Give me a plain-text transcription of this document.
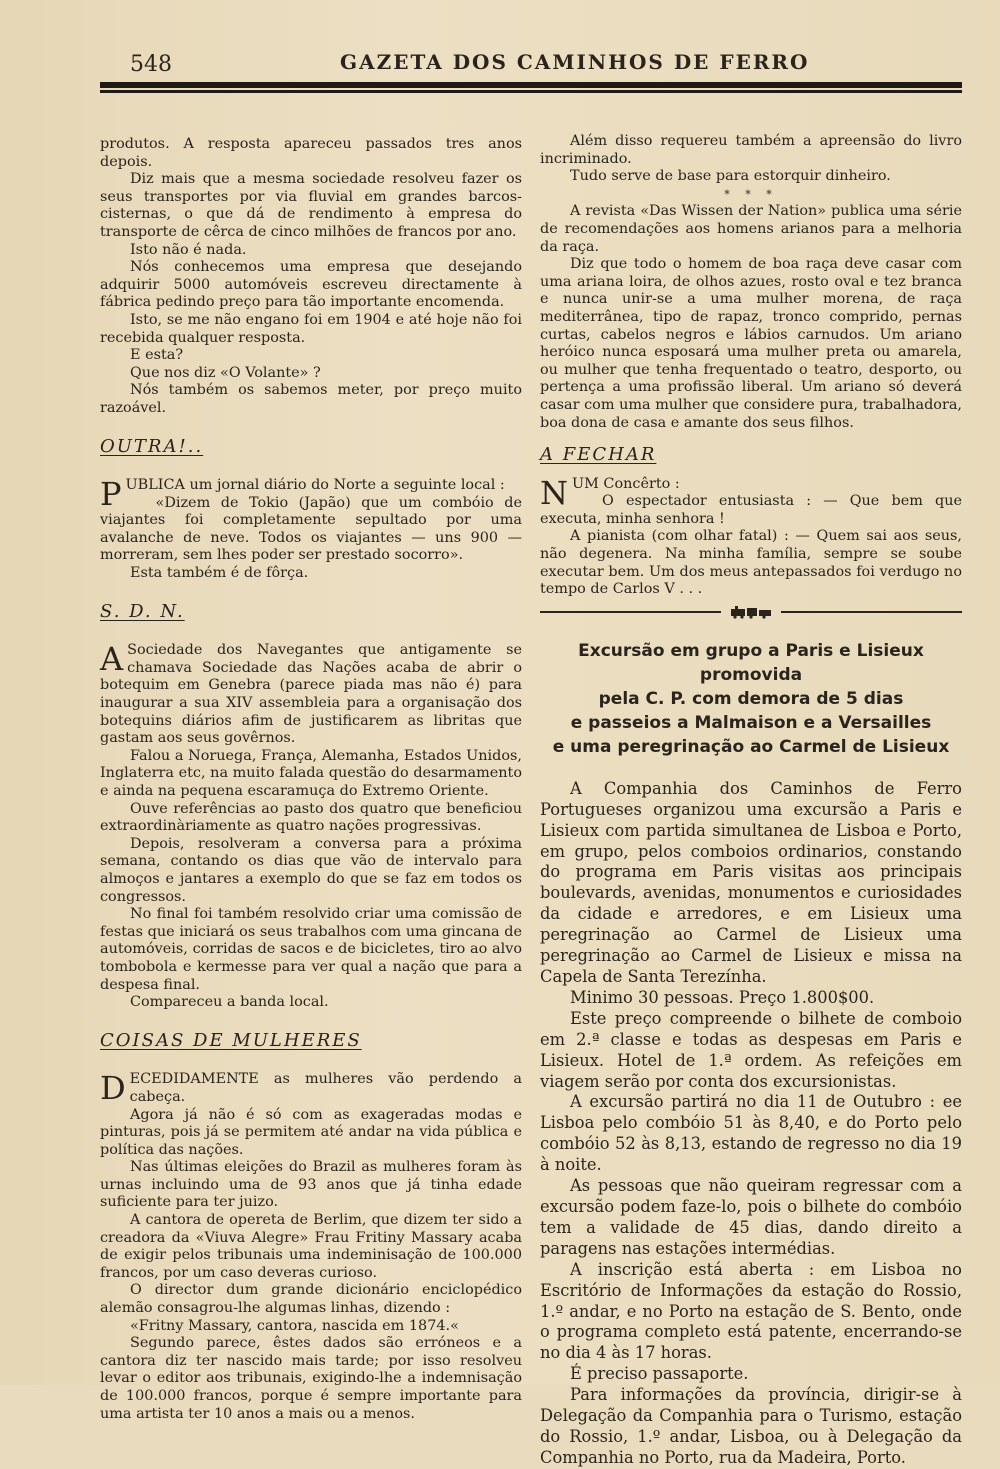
548	GAZETA DOS CAMINHOS DE FERRO

produtos. A resposta apareceu passados tres anos depois.

Diz mais que a mesma sociedade resolveu fazer os seus transportes por via fluvial em grandes barcos-cisternas, o que dá de rendimento à empresa do transporte de cêrca de cinco milhões de francos por ano.

Isto não é nada.

Nós conhecemos uma empresa que desejando adquirir 5000 automóveis escreveu directamente à fábrica pedindo preço para tão importante encomenda.

Isto, se me não engano foi em 1904 e até hoje não foi recebida qualquer resposta.

E esta?

Que nos diz «O Volante» ?

Nós também os sabemos meter, por preço muito razoável.

OUTRA!..

PUBLICA um jornal diário do Norte a seguinte local :

«Dizem de Tokio (Japão) que um combóio de viajantes foi completamente sepultado por uma avalanche de neve. Todos os viajantes — uns 900 — morreram, sem lhes poder ser prestado socorro».

Esta também é de fôrça.

S. D. N.

A Sociedade dos Navegantes que antigamente se chamava Sociedade das Nações acaba de abrir o botequim em Genebra (parece piada mas não é) para inaugurar a sua XIV assembleia para a organisação dos botequins diários afim de justificarem as libritas que gastam aos seus govêrnos.

Falou a Noruega, França, Alemanha, Estados Unidos, Inglaterra etc, na muito falada questão do desarmamento e ainda na pequena escaramuça do Extremo Oriente.

Ouve referências ao pasto dos quatro que beneficiou extraordinàriamente as quatro nações progressivas.

Depois, resolveram a conversa para a próxima semana, contando os dias que vão de intervalo para almoços e jantares a exemplo do que se faz em todos os congressos.

No final foi também resolvido criar uma comissão de festas que iniciará os seus trabalhos com uma gincana de automóveis, corridas de sacos e de bicicletes, tiro ao alvo tombobola e kermesse para ver qual a nação que para a despesa final.

Compareceu a banda local.

COISAS DE MULHERES

DECEDIDAMENTE as mulheres vão perdendo a cabeça.

Agora já não é só com as exageradas modas e pinturas, pois já se permitem até andar na vida pública e política das nações.

Nas últimas eleições do Brazil as mulheres foram às urnas incluindo uma de 93 anos que já tinha edade suficiente para ter juizo.

A cantora de opereta de Berlim, que dizem ter sido a creadora da «Viuva Alegre» Frau Fritiny Massary acaba de exigir pelos tribunais uma indeminisação de 100.000 francos, por um caso deveras curioso.

O director dum grande dicionário enciclopédico alemão consagrou-lhe algumas linhas, dizendo :

«Fritny Massary, cantora, nascida em 1874.«

Segundo parece, êstes dados são erróneos e a cantora diz ter nascido mais tarde; por isso resolveu levar o editor aos tribunais, exigindo-lhe a indemnisação de 100.000 francos, porque é sempre importante para uma artista ter 10 anos a mais ou a menos.

Além disso requereu também a apreensão do livro incriminado.

Tudo serve de base para estorquir dinheiro.

* * *

A revista «Das Wissen der Nation» publica uma série de recomendações aos homens arianos para a melhoria da raça.

Diz que todo o homem de boa raça deve casar com uma ariana loira, de olhos azues, rosto oval e tez branca e nunca unir-se a uma mulher morena, de raça mediterrânea, tipo de rapaz, tronco comprido, pernas curtas, cabelos negros e lábios carnudos. Um ariano heróico nunca esposará uma mulher preta ou amarela, ou mulher que tenha frequentado o teatro, desporto, ou pertença a uma profissão liberal. Um ariano só deverá casar com uma mulher que considere pura, trabalhadora, boa dona de casa e amante dos seus filhos.

A FECHAR

NUM Concêrto :

O espectador entusiasta : — Que bem que executa, minha senhora !

A pianista (com olhar fatal) : — Quem sai aos seus, não degenera. Na minha família, sempre se soube executar bem. Um dos meus antepassados foi verdugo no tempo de Carlos V . . .

Excursão em grupo a Paris e Lisieux promovida
pela C. P. com demora de 5 dias
e passeios a Malmaison e a Versailles
e uma peregrinação ao Carmel de Lisieux

A Companhia dos Caminhos de Ferro Portugueses organizou uma excursão a Paris e Lisieux com partida simultanea de Lisboa e Porto, em grupo, pelos comboios ordinarios, constando do programa em Paris visitas aos principais boulevards, avenidas, monumentos e curiosidades da cidade e arredores, e em Lisieux uma peregrinação ao Carmel de Lisieux uma peregrinação ao Carmel de Lisieux e missa na Capela de Santa Terezínha.

Minimo 30 pessoas. Preço 1.800$00.

Este preço compreende o bilhete de comboio em 2.ª classe e todas as despesas em Paris e Lisieux. Hotel de 1.ª ordem. As refeições em viagem serão por conta dos excursionistas.

A excursão partirá no dia 11 de Outubro : ee Lisboa pelo combóio 51 às 8,40, e do Porto pelo combóio 52 às 8,13, estando de regresso no dia 19 à noite.

As pessoas que não queiram regressar com a excursão podem faze-lo, pois o bilhete do combóio tem a validade de 45 dias, dando direito a paragens nas estações intermédias.

A inscrição está aberta : em Lisboa no Escritório de Informações da estação do Rossio, 1.º andar, e no Porto na estação de S. Bento, onde o programa completo está patente, encerrando-se no dia 4 às 17 horas.

É preciso passaporte.

Para informações da província, dirigir-se à Delegação da Companhia para o Turismo, estação do Rossio, 1.º andar, Lisboa, ou à Delegação da Companhia no Porto, rua da Madeira, Porto.
